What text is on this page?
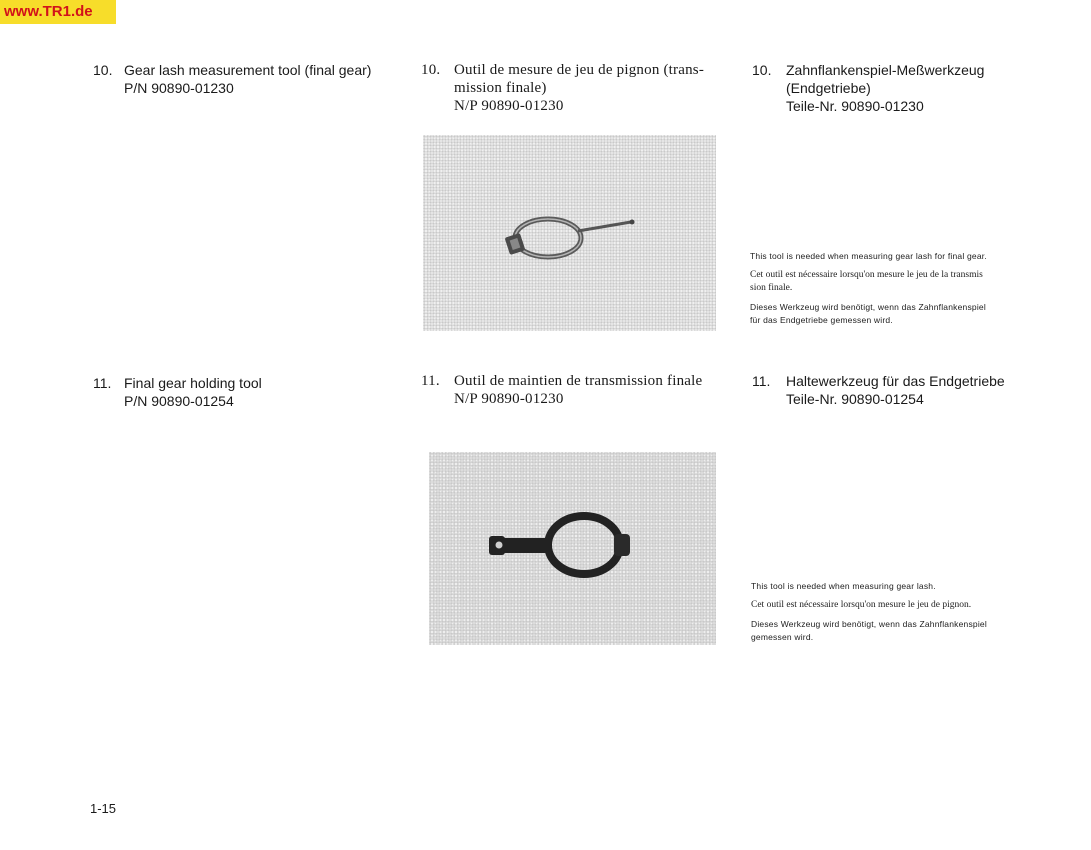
www.TR1.de
10. Gear lash measurement tool (final gear)
P/N 90890-01230
10. Outil de mesure de jeu de pignon (trans-
mission finale)
N/P 90890-01230
10.	Zahnflankenspiel-Meßwerkzeug
(Endgetriebe)
Teile-Nr. 90890-01230

This tool is needed when measuring gear lash for final gear.

Cet outil est nécessaire lorsqu'on mesure le jeu de la transmis
sion finale.

Dieses Werkzeug wird benötigt, wenn das Zahnflankenspiel
für das Endgetriebe gemessen wird.

11. Final gear holding tool
P/N 90890-01254
11. Outil de maintien de transmission finale
N/P 90890-01230
11.	Haltewerkzeug für das Endgetriebe
Teile-Nr. 90890-01254

This tool is needed when measuring gear lash.

Cet outil est nécessaire lorsqu'on mesure le jeu de pignon.

Dieses Werkzeug wird benötigt, wenn das Zahnflankenspiel
gemessen wird.

1-15
